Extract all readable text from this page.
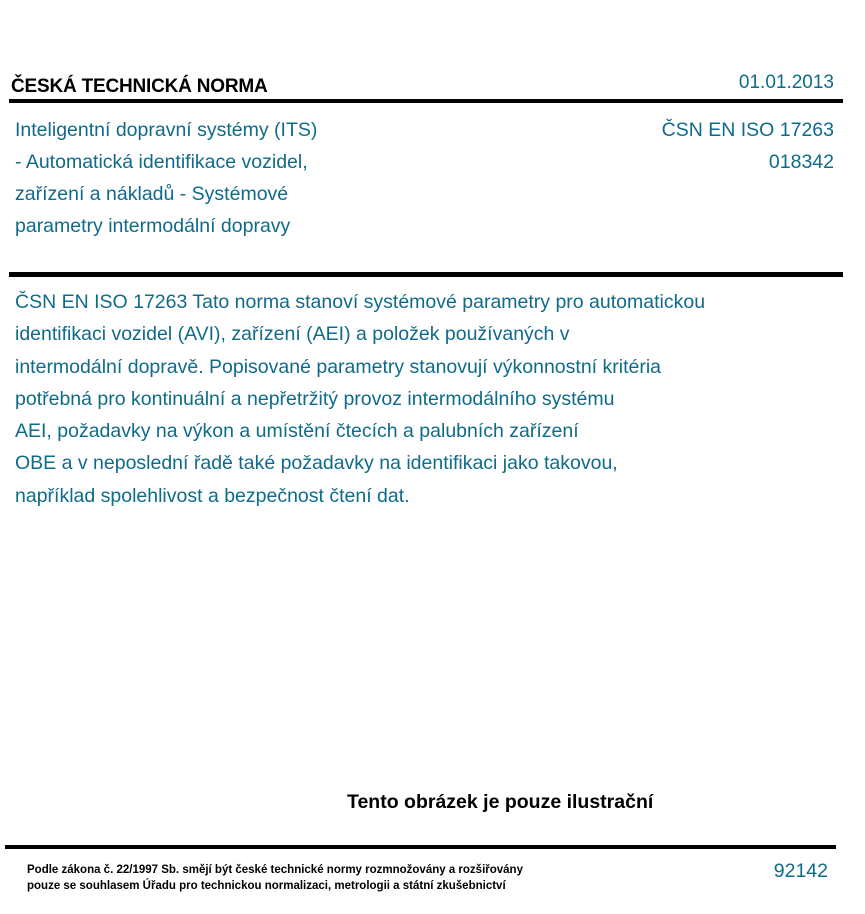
ČESKÁ TECHNICKÁ NORMA	01.01.2013
Inteligentní dopravní systémy (ITS)
- Automatická identifikace vozidel,
zařízení a nákladů - Systémové
parametry intermodální dopravy
ČSN EN ISO 17263
018342
ČSN EN ISO 17263 Tato norma stanoví systémové parametry pro automatickou
identifikaci vozidel (AVI), zařízení (AEI) a položek používaných v
intermodální dopravě. Popisované parametry stanovují výkonnostní kritéria
potřebná pro kontinuální a nepřetržitý provoz intermodálního systému
AEI, požadavky na výkon a umístění čtecích a palubních zařízení
OBE a v neposlední řadě také požadavky na identifikaci jako takovou,
například spolehlivost a bezpečnost čtení dat.
Tento obrázek je pouze ilustrační
Podle zákona č. 22/1997 Sb. smějí být české technické normy rozmnožovány a rozšiřovány
pouze se souhlasem Úřadu pro technickou normalizaci, metrologii a státní zkušebnictví
92142
